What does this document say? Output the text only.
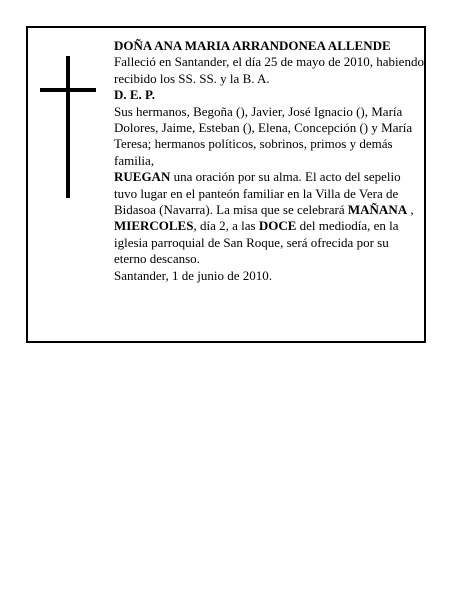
DOÑA ANA MARIA ARRANDONEA ALLENDE

Falleció en Santander, el día 25 de mayo de 2010, habiendo recibido los SS. SS. y la B. A.

D. E. P.

Sus hermanos, Begoña (), Javier, José Ignacio (), María Dolores, Jaime, Esteban (), Elena, Concepción () y María Teresa; hermanos políticos, sobrinos, primos y demás familia,

RUEGAN una oración por su alma. El acto del sepelio tuvo lugar en el panteón familiar en la Villa de Vera de Bidasoa (Navarra). La misa que se celebrará MAÑANA , MIERCOLES, día 2, a las DOCE del mediodía, en la iglesia parroquial de San Roque, será ofrecida por su eterno descanso.

Santander, 1 de junio de 2010.
